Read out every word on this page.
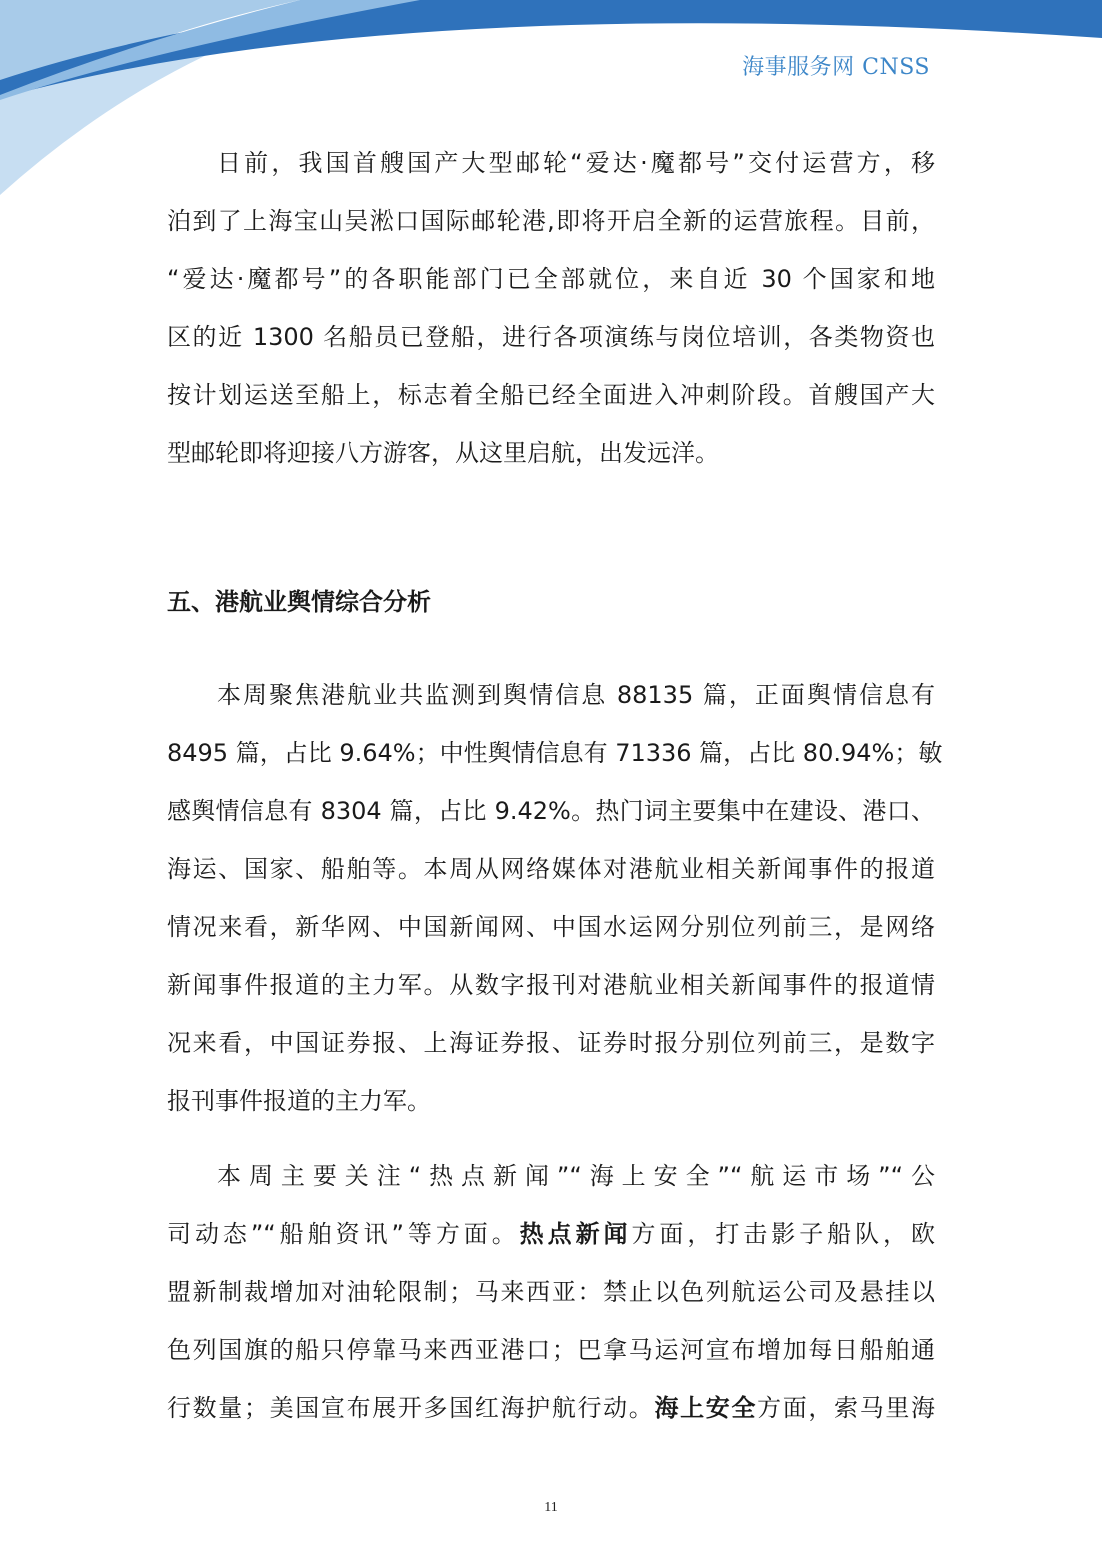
海事服务网 CNSS
日前，我国首艘国产大型邮轮“爱达·魔都号”交付运营方，移
泊到了上海宝山吴淞口国际邮轮港,即将开启全新的运营旅程。目前，
“爱达·魔都号”的各职能部门已全部就位，来自近 30 个国家和地
区的近 1300 名船员已登船，进行各项演练与岗位培训，各类物资也
按计划运送至船上，标志着全船已经全面进入冲刺阶段。首艘国产大
型邮轮即将迎接八方游客，从这里启航，出发远洋。
五、港航业舆情综合分析
本周聚焦港航业共监测到舆情信息 88135 篇，正面舆情信息有
8495 篇，占比 9.64%；中性舆情信息有 71336 篇，占比 80.94%；敏
感舆情信息有 8304 篇，占比 9.42%。热门词主要集中在建设、港口、
海运、国家、船舶等。本周从网络媒体对港航业相关新闻事件的报道
情况来看，新华网、中国新闻网、中国水运网分别位列前三，是网络
新闻事件报道的主力军。从数字报刊对港航业相关新闻事件的报道情
况来看，中国证券报、上海证券报、证券时报分别位列前三，是数字
报刊事件报道的主力军。
本周主要关注“热点新闻”“海上安全”“航运市场”“公
司动态”“船舶资讯”等方面。热点新闻方面，打击影子船队，欧
盟新制裁增加对油轮限制；马来西亚：禁止以色列航运公司及悬挂以
色列国旗的船只停靠马来西亚港口；巴拿马运河宣布增加每日船舶通
行数量；美国宣布展开多国红海护航行动。海上安全方面，索马里海
11
